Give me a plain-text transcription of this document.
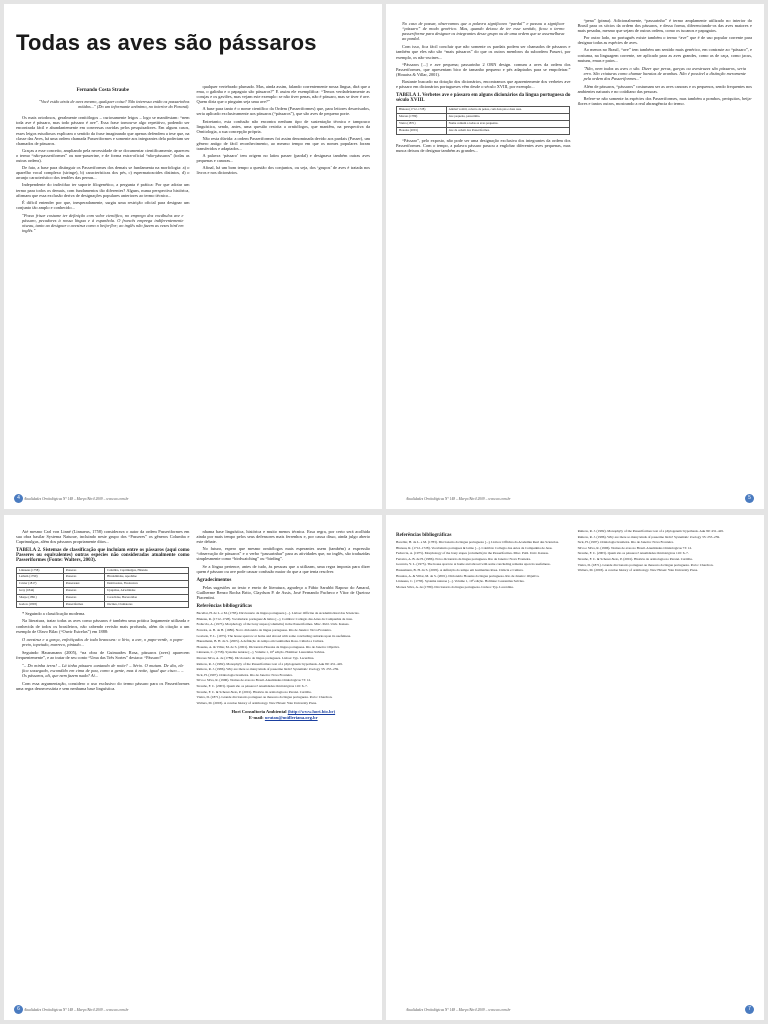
Todas as aves são pássaros
Fernando Costa Straube
"Você estão atrás de aves mesmo, qualquer coisa? Não interessa então os passarinhos miúdos..." (Do um informante anônimo, no interior do Paraná).

Os mais ortodoxos, geralmente ornitólogos – curiosamente leigos – logo se manifestam: “nem toda ave é pássaro, mas todo pássaro é ave”. Essa frase tornou-se algo repetitivo, podendo ser encontrada fácil e abundantemente em conversas ouvidas pelos pesquisadores. Em alguns casos, esses leigos estudiosos explicam o sentido da frase imaginando que apenas defendem a tese que, na classe das Aves, há uma ordem chamada Passeriformes e somente aos integrantes dela poderiam ser chamados de pássaros.

Graças a esse conceito, ampliando pela necessidade de se documentar cientificamente, apareceu o termo “não-passeriformes” ou non-passerine, e de forma extra-oficial “não-pássaros” (todas as outras ordens).

De fato, a base para distinguir os Passeriformes dos demais se fundamenta na morfologia: a) o aparelho vocal complexo (siringe), b) características dos pés, c) espermatozoides distintos, d) o arranjo característico dos tendões das pernas...

Independente do indivíduo ter suporte filogenético, a pergunta é prática: Por que adotar um termo para todos os demais, com fundamentos tão diferentes? Alguns, numa perspectiva histórica, afirmam que essa exclusão deriva de designações populares anteriores ao termo técnico...

É difícil entender por que, inesperadamente, surgiu uma restrição oficial para designar um conjunto tão amplo e conhecido...

"Posso frisar costume ter definição com valor científico, no emprego dos vocábulos ave e pássaro, pecadores à nossa língua e à espanhola. O francês emprega indiferentemente oiseau, tanto ao designar o avestruz como o beija-flor; ao inglês não fazem as vezes bird em inglês."

qualquer vertebrado plumado. Mas, ainda assim, falando correntemente nossa língua, dirá que a ema, o galinha e o papagaio são pássaros?” E assim ele exemplifica: “Temos verdadeiramente as corujas e os gaviões, mas vejam este exemplo: se não tiver penas, não é pássaro, mas se tiver é ave. Quem diria que o pinguim seja uma ave?”

A base para tanto é o nome científico da Ordem (Passeriformes) que, para leitores desavisados, seria aplicado exclusivamente aos pássaros (“pássaros”), que são aves de pequeno porte.

Entretanto, esta confusão não encontra nenhum tipo de sustentação técnica e tampouco linguística, sendo, antes, uma questão restrita a ornitólogos, que mantêm, na perspectiva da Ornitologia, a sua concepção própria.

Não resta dúvida: a ordem Passeriformes foi assim denominada devido aos pardais (Passer), um gênero antigo de fácil reconhecimento, ao mesmo tempo em que os nomes populares foram transferidos e adaptados...

A palavra ‘pássaro’ tem origem no latim passer (pardal) e designava também outras aves pequenas e canoras...

Afinal, há um bom tempo a questão dos conjuntos, ou seja, dos ‘grupos’ de aves é tratada nos livros e nos dicionários.

Atualidades Ornitológicas N° 148 – Março/Abril 2009 – www.ao.com.br
4
No caso de passar, observamos que a palavra significava “pardal” e passou a significar “pássaro” de modo genérico. Mas, quando deixou de ter esse sentido, ficou o termo passeriforme para designar os integrantes desse grupo ou de uma ordem que se assemelhava ao pardal.

Com isso, fica fácil concluir que não somente os pardais podem ser chamados de pássaros e também que eles não são “mais pássaros” do que os outros membros da subordem Passeri, por exemplo, os não-oscines...

“Pássaros [...] e ave pequena; passarinho 2 ORN design. comum a aves da ordem dos Passeriformes, que apresentam bico de tamanho pequeno e pés adaptados para se empoleirar.” (Houaiss & Villar, 2001).

Bastante buscado na dotação dos dicionários, encontramos que aparentemente dos verbetes ave e pássaro em dicionários portugueses vêm desde o século XVIII, por exemplo...

TABELA 1. Verbetes ave e pássaro em alguns dicionários da língua portuguesa do século XVIII.
Bluteau (1712–1728)	Animal volátil, coberto de penas, com dois pés e duas asas.
Moraes (1789)	Ave pequena, passarinho.
Vieira (1871)	Nome comum a todas as aves pequenas.
Houaiss (2001)	Ave da ordem dos Passeriformes.

“Pássaro”, pelo exposto, não pode ser uma designação exclusiva dos integrantes da ordem dos Passeriformes. Com o tempo, a palavra pássaro passou a englobar diferentes aves pequenas, mas nunca deixou de designar também as grandes...

“pena” (pinna). Adicionalmente, “passarinho” é termo amplamente utilizado no interior do Brasil para os sócios da ordem dos pássaros, e dessa forma, diferenciando-os das aves maiores e mais pesadas, mesmo que sejam de outras ordens, como os tucanos e papagaios.

Por outro lado, no português existe também o termo “ave” que é de uso popular corrente para designar todas as espécies de aves.

Ao menos no Brasil, “ave” tem também um sentido mais genérico, em contraste ao “pássaro”, e costuma, na linguagem corrente, ser aplicado para as aves grandes, como as de caça, como jacus, mutuns, emas e patos...

"Não, nem todas as aves o são. Dizer que perus, garças ou avestruzes são pássaros, seria erro. São criaturas como chamar baratas de aranhas. Não é possível a distinção meramente pela ordem dos Passeriformes..."

Além de pássaros, “pássaros” costumam ser as aves canoras e os pequenos, sendo frequentes nos ambientes naturais e no cotidiano das pessoas.

Refere-se não somente às espécies dos Passeriformes, mas também a pombos, periquitos, beija-flores e tantos outros, mostrando a real abrangência do termo.

Atualidades Ornitológicas N° 148 – Março/Abril 2009 – www.ao.com.br	5

Até mesmo Carl von Linné (Linnaeus, 1758) considerava o autor da ordem Passeriformes em sua obra basilar Systema Naturae, incluindo neste grupo dos “Passeres” os gêneros Columba e Caprimulgus, além dos pássaros propriamente ditos...

TABELA 2. Sistemas de classificação que incluíam entre os pássaros (aqui como Passeres ou equivalentes) outras espécies não consideradas atualmente como Passeriformes (Fonte: Walters, 2003).
Linnaeus (1758)	Passeres	Columba, Caprimulgus, Hirundo
Latham (1790)	Passeres	Hirundinidae, Apodidae
Cuvier (1817)	Passereaux	Dentirostres, Fissirostres
Gray (1844)	Passeres	Upupidae, Alcedinidae
Sharpe (1891)	Passeres	Coraciidae, Bucerotidae
Gadow (1893)	Passeriformes	Oscines, Clamatores

* Seguindo a classificação moderna.

Na literatura, tratar todas as aves como pássaros é também uma prática largamente utilizada e conhecida de todos os brasileiros, não cabendo revisão mais profunda, além da citação a um exemplo de Olavo Bilac (“Ouvir Estrelas”) em 1888:

O avestruz e a garça, enfeitiçados de toda brancura: o lírio, a ave, o papo-verde, o papo-preto, topetudo, marreco, pintado...

Seguindo Haussmann (2005), “na obra de Guimarães Rosa, pássaros (aves) aparecem frequentemente”, e ao tratar de seu conto “Uma das Três Sortes” destaca: “Pássaro!”

"– Do minha terra! – Lá tinha pássaro cantando de noite? – Sério. O mutum. De dia, ele fica sossegado, escondido em cima de pau, como a gente, mas à noite, igual que cisco... – Os pássaros, ali, que nem fazem nada? Aí...

Com essa argumentação, considero o uso exclusivo do termo pássaro para os Passeriformes uma regra desnecessária e sem nenhuma base linguística.

nhama base linguística, histórica e muito menos técnica. Essa regra, por certo será acolhida ainda por mais tempo pelos seus defensores mais ferrenhos e, por causa disso, ainda julgo aberto este debate.

No futuro, espero que mesmo ornitólogos mais esperantes usem (também) a expressão “observação de pássaros” e o verbo “passarinhar” para as atividades que, no inglês, são traduzidas simplesmente como “birdwatching” ou “birding”.

Se a língua pertence, antes de tudo, às pessoas que a utilizam, uma regra imposta para dizer quem é pássaro ou ave pode causar confusão maior do que a que tenta resolver.

Agradecimentos

Pelas sugestões ao texto e envio de literatura, agradeço a Fábio Sarubbi Raposo do Amaral, Guilherme Renzo Rocha Brito, Claydson P. de Assis, José Fernando Pacheco e Vítor de Queiroz Piacentini.

Referências bibliográficas
Bacellar, H. de L. e M. (1783). Diccionario da língua portugueza [...]. Lisboa: Officina da Academia Real das Sciencias.
Bluteau, R. (1712–1728). Vocabulario portuguez & latino [...]. Coimbra: Collegio das Artes da Companhia de Jesu.
Feduccia, A. (1975). Morphology of the bony stapes (columella) in the Passeriformes. Misc. Publ. Univ. Kansas.
Ferreira, A. B. de H. (1986). Novo dicionário da língua portuguesa. Rio de Janeiro: Nova Fronteira.
Gouveia, Y. L. (1975). The house sparrow at home and abroad with some concluding remarks upon its usefulness.
Haussmann, B. H. da S. (2005). A definição do tempo em Guimarães Rosa. Ciência e Cultura.
Houaiss, A. & Villar, M. de S. (2001). Dicionário Houaiss da língua portuguesa. Rio de Janeiro: Objetiva.
Linnaeus, C. (1758). Systema naturae [...]. Volume 1, 10ª edição. Holmiae: Laurentius Salvius.
Moraes Silva, A. de (1789). Diccionario da lingua portugueza. Lisboa: Typ. Lacerdina.
Raikow, R. J. (1982). Monophyly of the Passeriformes: test of a phylogenetic hypothesis. Auk 99: 431–445.
Raikow, R. J. (1986). Why are there so many kinds of passerine birds? Systematic Zoology 35: 255–259.
Sick, H. (1997). Ornitologia brasileira. Rio de Janeiro: Nova Fronteira.
Silva e Silva, R. (1996). Nomes de aves no Brasil. Atualidades Ornitológicas 73: 12.
Straube, F. C. (2003). Quem são os pássaros? Atualidades Ornitológicas 116: 6–7.
Straube, F. C. & Scherer-Neto, P. (2001). História da ornitologia no Paraná. Curitiba.
Vieira, D. (1871). Grande diccionario portuguez ou thesouro da língua portugueza. Porto: Chardron.
Walters, M. (2003). A concise history of ornithology. New Haven: Yale University Press.
Hori Consultoria Ambiental (http://www.hori.bio.br)
E-mail: urutau@mülleriana.org.br
Atualidades Ornitológicas N° 148 – Março/Abril 2009 – www.ao.com.br
6
Referências bibliográficas
Bacellar, H. de L. e M. (1783). Diccionario da língua portugueza [...]. Lisboa: Officina da Academia Real das Sciencias.
Bluteau, R. (1712–1728). Vocabulario portuguez & latino [...]. Coimbra: Collegio das Artes da Companhia de Jesu.
Feduccia, A. (1975). Morphology of the bony stapes (columella) in the Passeriformes. Misc. Publ. Univ. Kansas.
Ferreira, A. B. de H. (1986). Novo dicionário da língua portuguesa. Rio de Janeiro: Nova Fronteira.
Gouveia, Y. L. (1975). The house sparrow at home and abroad with some concluding remarks upon its usefulness.
Haussmann, B. H. da S. (2005). A definição do tempo em Guimarães Rosa. Ciência e Cultura.
Houaiss, A. & Villar, M. de S. (2001). Dicionário Houaiss da língua portuguesa. Rio de Janeiro: Objetiva.
Linnaeus, C. (1758). Systema naturae [...]. Volume 1, 10ª edição. Holmiae: Laurentius Salvius.
Moraes Silva, A. de (1789). Diccionario da lingua portugueza. Lisboa: Typ. Lacerdina.
Raikow, R. J. (1982). Monophyly of the Passeriformes: test of a phylogenetic hypothesis. Auk 99: 431–445.
Raikow, R. J. (1986). Why are there so many kinds of passerine birds? Systematic Zoology 35: 255–259.
Sick, H. (1997). Ornitologia brasileira. Rio de Janeiro: Nova Fronteira.
Silva e Silva, R. (1996). Nomes de aves no Brasil. Atualidades Ornitológicas 73: 12.
Straube, F. C. (2003). Quem são os pássaros? Atualidades Ornitológicas 116: 6–7.
Straube, F. C. & Scherer-Neto, P. (2001). História da ornitologia no Paraná. Curitiba.
Vieira, D. (1871). Grande diccionario portuguez ou thesouro da língua portugueza. Porto: Chardron.
Walters, M. (2003). A concise history of ornithology. New Haven: Yale University Press.
Atualidades Ornitológicas N° 148 – Março/Abril 2009 – www.ao.com.br	7
